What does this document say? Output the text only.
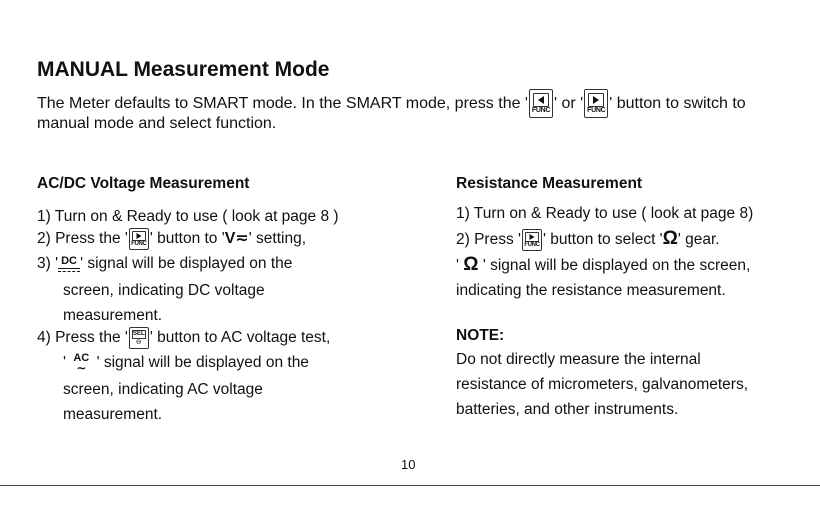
MANUAL Measurement Mode
The Meter defaults to SMART mode. In the SMART mode, press the ' FUNC ' or ' FUNC ' button to switch to
manual mode and select function.
AC/DC Voltage Measurement
1) Turn on & Ready to use ( look at page 8 )
2) Press the ' FUNC ' button to 'V≂' setting,
3) ' DC ' signal will be displayed on the
screen, indicating DC voltage
measurement.
4) Press the ' SEL
⊖ ' button to AC voltage test,
' AC
∼ ' signal will be displayed on the
screen, indicating AC voltage
measurement.
Resistance Measurement
1) Turn on & Ready to use ( look at page 8)
2) Press ' FUNC ' button to select 'Ω' gear.
' Ω ' signal will be displayed on the screen,
indicating the resistance measurement.
NOTE:
Do not directly measure the internal
resistance of micrometers, galvanometers,
batteries, and other instruments.
10
